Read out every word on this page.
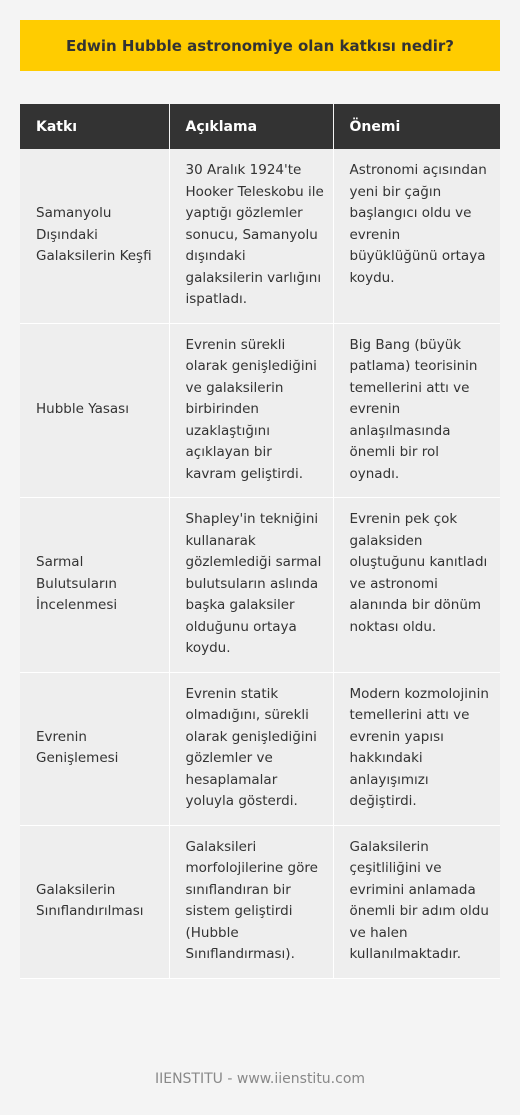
Edwin Hubble astronomiye olan katkısı nedir?
Katkı	Açıklama	Önemi
Samanyolu Dışındaki Galaksilerin Keşfi	30 Aralık 1924'te Hooker Teleskobu ile yaptığı gözlemler sonucu, Samanyolu dışındaki galaksilerin varlığını ispatladı.	Astronomi açısından yeni bir çağın başlangıcı oldu ve evrenin büyüklüğünü ortaya koydu.
Hubble Yasası	Evrenin sürekli olarak genişlediğini ve galaksilerin birbirinden uzaklaştığını açıklayan bir kavram geliştirdi.	Big Bang (büyük patlama) teorisinin temellerini attı ve evrenin anlaşılmasında önemli bir rol oynadı.
Sarmal Bulutsuların İncelenmesi	Shapley'in tekniğini kullanarak gözlemlediği sarmal bulutsuların aslında başka galaksiler olduğunu ortaya koydu.	Evrenin pek çok galaksiden oluştuğunu kanıtladı ve astronomi alanında bir dönüm noktası oldu.
Evrenin Genişlemesi	Evrenin statik olmadığını, sürekli olarak genişlediğini gözlemler ve hesaplamalar yoluyla gösterdi.	Modern kozmolojinin temellerini attı ve evrenin yapısı hakkındaki anlayışımızı değiştirdi.
Galaksilerin Sınıflandırılması	Galaksileri morfolojilerine göre sınıflandıran bir sistem geliştirdi (Hubble Sınıflandırması).	Galaksilerin çeşitliliğini ve evrimini anlamada önemli bir adım oldu ve halen kullanılmaktadır.
IIENSTITU - www.iienstitu.com
